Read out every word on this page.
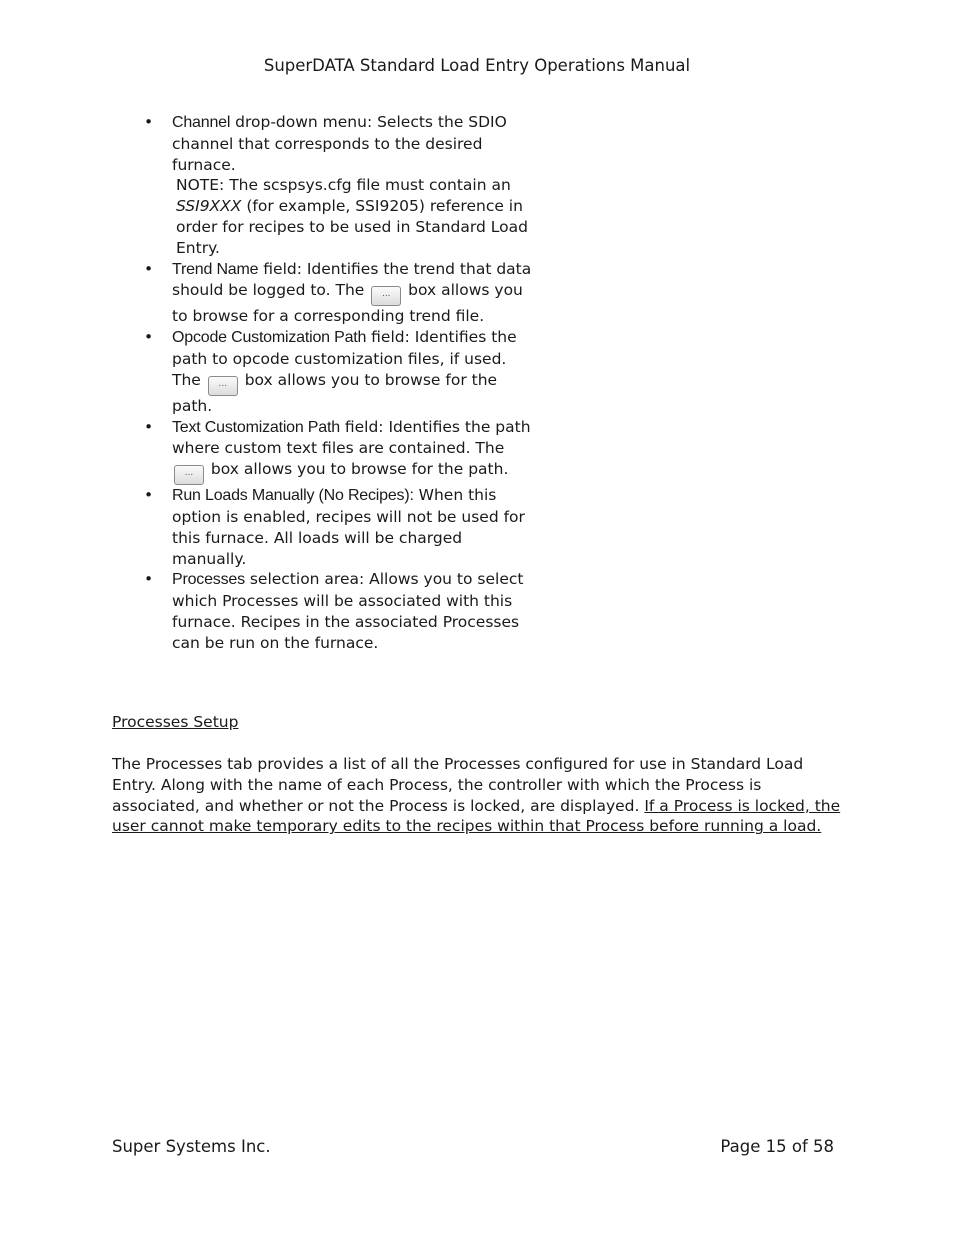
SuperDATA Standard Load Entry Operations Manual
• Channel drop-down menu: Selects the SDIO channel that corresponds to the desired furnace.
NOTE: The scspsys.cfg file must contain an SSI9XXX (for example, SSI9205) reference in order for recipes to be used in Standard Load Entry.
• Trend Name field: Identifies the trend that data should be logged to. The ... box allows you to browse for a corresponding trend file.
• Opcode Customization Path field: Identifies the path to opcode customization files, if used. The ... box allows you to browse for the path.
• Text Customization Path field: Identifies the path where custom text files are contained. The ... box allows you to browse for the path.
• Run Loads Manually (No Recipes): When this option is enabled, recipes will not be used for this furnace. All loads will be charged manually.
• Processes selection area: Allows you to select which Processes will be associated with this furnace. Recipes in the associated Processes can be run on the furnace.
Processes Setup
The Processes tab provides a list of all the Processes configured for use in Standard Load Entry. Along with the name of each Process, the controller with which the Process is associated, and whether or not the Process is locked, are displayed. If a Process is locked, the user cannot make temporary edits to the recipes within that Process before running a load.
Super Systems Inc.	Page 15 of 58
